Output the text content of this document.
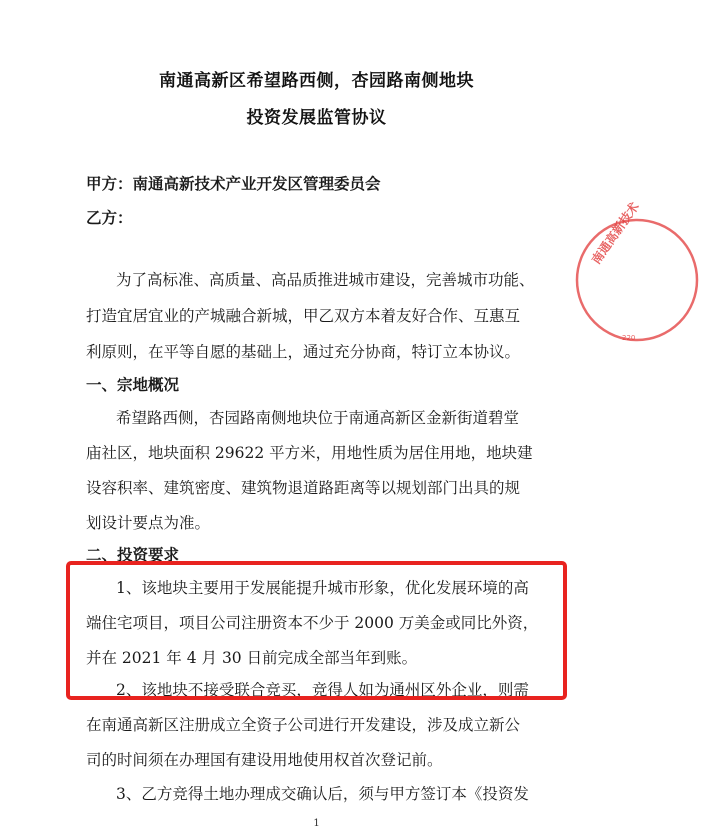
南通高新区希望路西侧，杏园路南侧地块
投资发展监管协议
甲方：南通高新技术产业开发区管理委员会
乙方：
为了高标准、高质量、高品质推进城市建设，完善城市功能、
打造宜居宜业的产城融合新城，甲乙双方本着友好合作、互惠互
利原则，在平等自愿的基础上，通过充分协商，特订立本协议。
一、宗地概况
希望路西侧，杏园路南侧地块位于南通高新区金新街道碧堂
庙社区，地块面积 29622 平方米，用地性质为居住用地，地块建
设容积率、建筑密度、建筑物退道路距离等以规划部门出具的规
划设计要点为准。
二、投资要求
1、该地块主要用于发展能提升城市形象，优化发展环境的高
端住宅项目，项目公司注册资本不少于 2000 万美金或同比外资，
并在 2021 年 4 月 30 日前完成全部当年到账。
2、该地块不接受联合竞买，竞得人如为通州区外企业，则需
在南通高新区注册成立全资子公司进行开发建设，涉及成立新公
司的时间须在办理国有建设用地使用权首次登记前。
3、乙方竞得土地办理成交确认后，须与甲方签订本《投资发
1
南通高新技术
220
